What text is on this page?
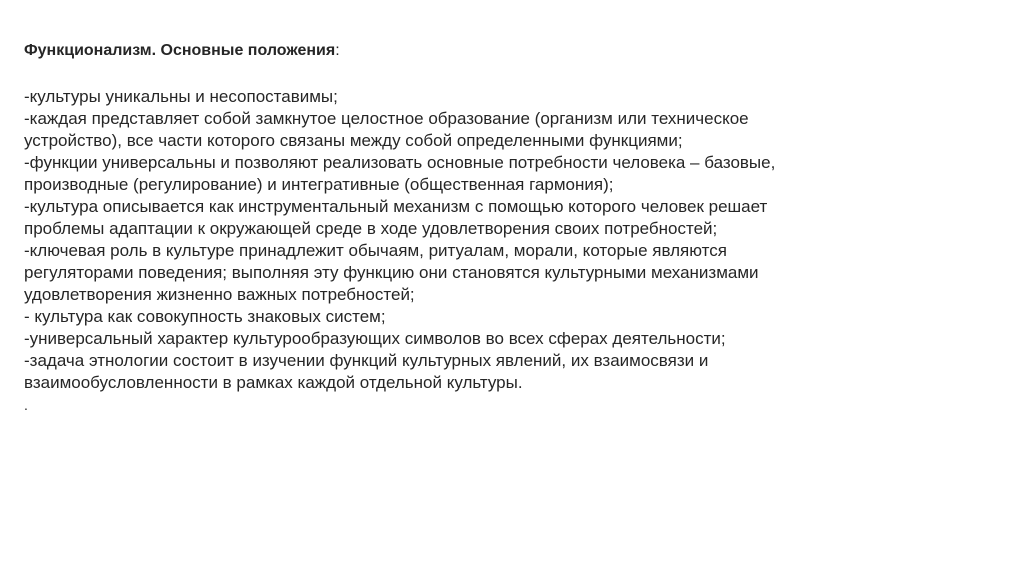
Функционализм. Основные положения:
-культуры уникальны и несопоставимы;
-каждая представляет собой замкнутое целостное образование (организм или техническое
устройство), все части которого связаны между собой определенными функциями;
-функции универсальны и позволяют реализовать основные потребности человека – базовые,
производные (регулирование) и интегративные (общественная гармония);
-культура описывается как инструментальный механизм с помощью которого человек решает
проблемы адаптации к окружающей среде в ходе удовлетворения своих потребностей;
-ключевая роль в культуре принадлежит обычаям, ритуалам, морали, которые являются
регуляторами поведения; выполняя эту функцию они становятся культурными механизмами
удовлетворения жизненно важных потребностей;
- культура как совокупность знаковых систем;
-универсальный характер культурообразующих символов во всех сферах деятельности;
-задача этнологии состоит в изучении функций культурных явлений, их взаимосвязи и
взаимообусловленности в рамках каждой отдельной культуры.
.
